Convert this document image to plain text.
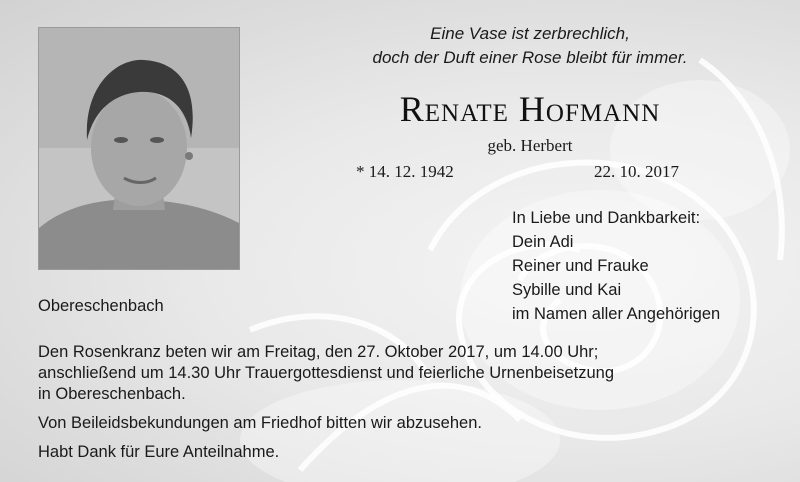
Eine Vase ist zerbrechlich,
doch der Duft einer Rose bleibt für immer.
Renate Hofmann
geb. Herbert
* 14. 12. 1942	22. 10. 2017
In Liebe und Dankbarkeit:
Dein Adi
Reiner und Frauke
Sybille und Kai
im Namen aller Angehörigen
Obereschenbach

Den Rosenkranz beten wir am Freitag, den 27. Oktober 2017, um 14.00 Uhr;
anschließend um 14.30 Uhr Trauergottesdienst und feierliche Urnenbeisetzung
in Obereschenbach.

Von Beileidsbekundungen am Friedhof bitten wir abzusehen.

Habt Dank für Eure Anteilnahme.
